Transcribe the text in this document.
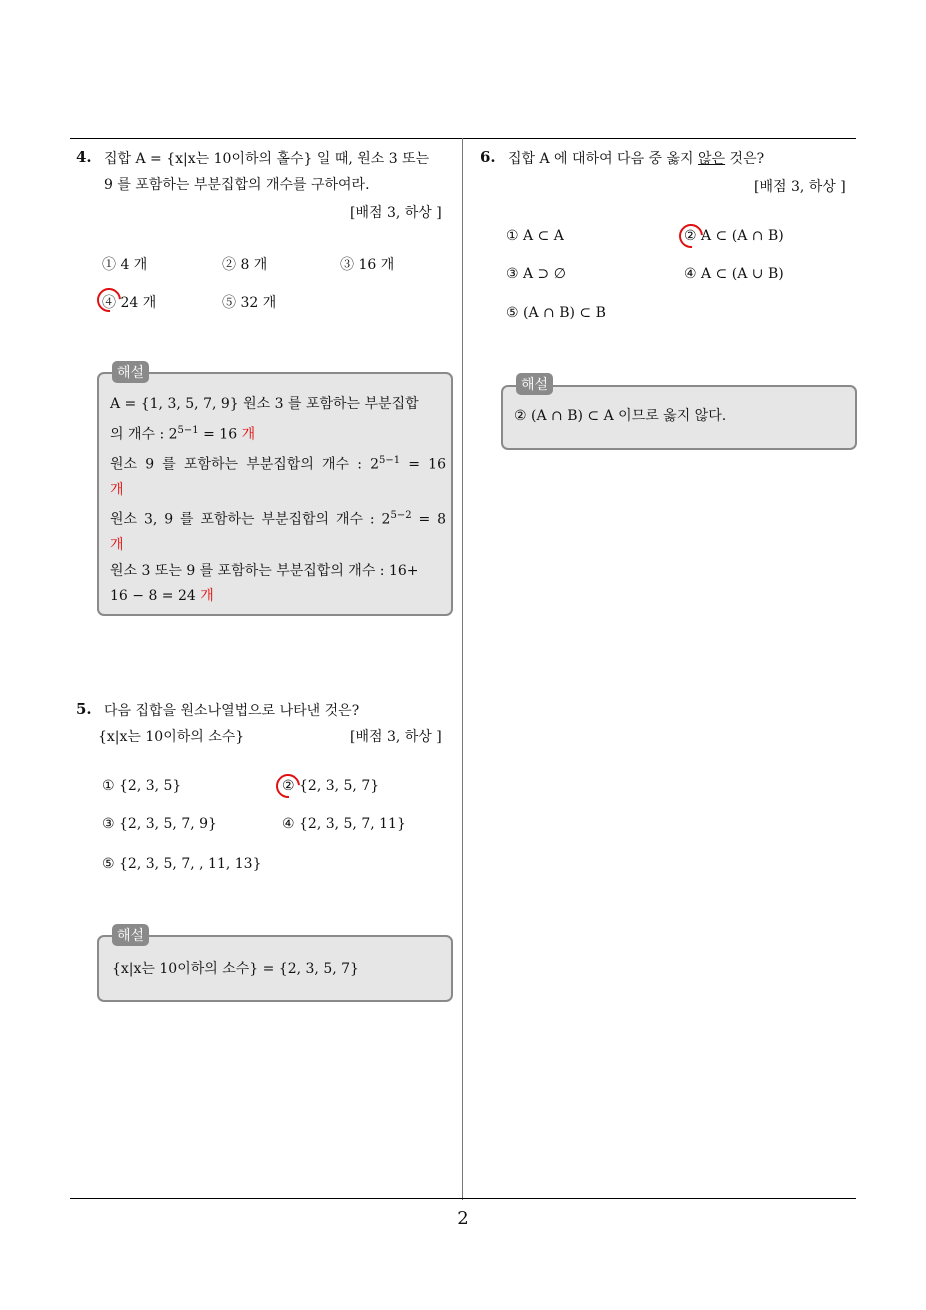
4. 집합 A = {x|x는 10이하의 홀수} 일 때, 원소 3 또는
9 를 포함하는 부분집합의 개수를 구하여라.
[배점 3, 하상 ]
① 4 개	② 8 개	③ 16 개
④ 24 개	⑤ 32 개
해설
A = {1, 3, 5, 7, 9} 원소 3 를 포함하는 부분집합
의 개수 : $2^{5-1} = 16$ 개
원소 9 를 포함하는 부분집합의 개수 : $2^{5-1} = 16$
개
원소 3, 9 를 포함하는 부분집합의 개수 : $2^{5-2} = 8$
개
원소 3 또는 9 를 포함하는 부분집합의 개수 : 16+
16 − 8 = 24 개
5. 다음 집합을 원소나열법으로 나타낸 것은?
{x|x는 10이하의 소수}	[배점 3, 하상 ]
① {2, 3, 5}	② {2, 3, 5, 7}
③ {2, 3, 5, 7, 9}	④ {2, 3, 5, 7, 11}
⑤ {2, 3, 5, 7, , 11, 13}
해설
{x|x는 10이하의 소수} = {2, 3, 5, 7}
6. 집합 A 에 대하여 다음 중 옳지 않은 것은?
[배점 3, 하상 ]
① A ⊂ A	② A ⊂ (A ∩ B)
③ A ⊃ ∅	④ A ⊂ (A ∪ B)
⑤ (A ∩ B) ⊂ B
해설
② (A ∩ B) ⊂ A 이므로 옳지 않다.
2
